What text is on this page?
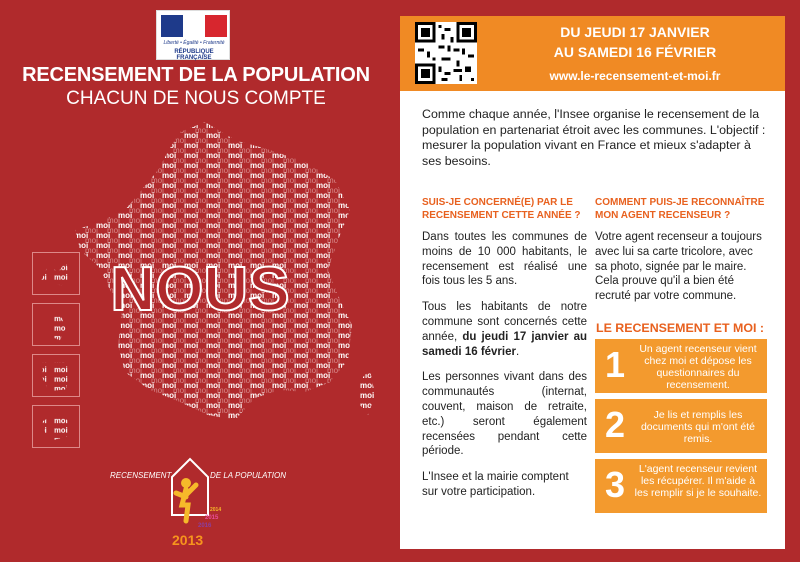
Liberté • Égalité • Fraternité
RÉPUBLIQUE FRANÇAISE
RECENSEMENT DE LA POPULATION
CHACUN DE NOUS COMPTE
NOUS

RECENSEMENT	DE LA POPULATION
2014
2015
2016
2013
DU JEUDI 17 JANVIER
AU SAMEDI 16 FÉVRIER
www.le-recensement-et-moi.fr
Comme chaque année, l'Insee organise le recensement de la population en partenariat étroit avec les communes. L'objectif : mesurer la population vivant en France et mieux s'adapter à ses besoins.
SUIS-JE CONCERNÉ(E) PAR LE RECENSEMENT CETTE ANNÉE ?
COMMENT PUIS-JE RECONNAÎTRE MON AGENT RECENSEUR ?

Dans toutes les communes de moins de 10 000 habitants, le recensement est réalisé une fois tous les 5 ans.

Tous les habitants de notre commune sont concernés cette année, du jeudi 17 janvier au samedi 16 février.

Les personnes vivant dans des communautés (internat, couvent, maison de retraite, etc.) seront également recensées pendant cette période.

L'Insee et la mairie comptent sur votre participation.

Votre agent recenseur a toujours avec lui sa carte tricolore, avec sa photo, signée par le maire. Cela prouve qu'il a bien été recruté par votre commune.

LE RECENSEMENT ET MOI :
1	Un agent recenseur vient chez moi et dépose les questionnaires du recensement.
2	Je lis et remplis les documents qui m'ont été remis.
3	L'agent recenseur revient les récupérer. Il m'aide à les remplir si je le souhaite.
